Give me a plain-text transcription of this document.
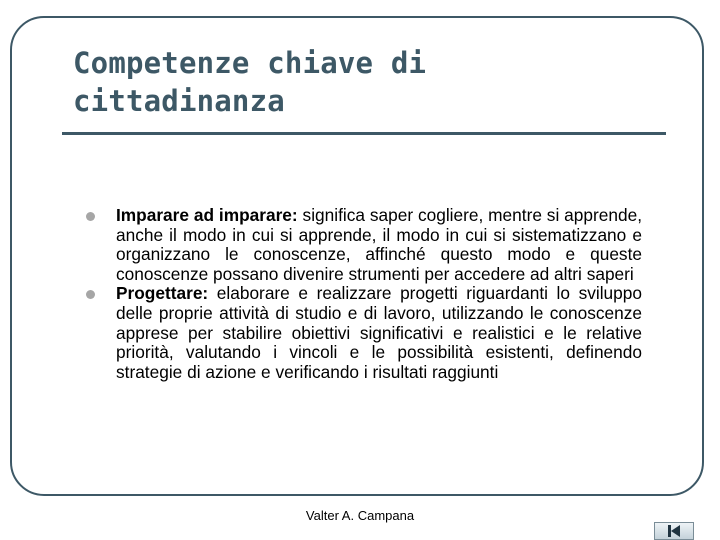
Competenze chiave di cittadinanza
Imparare ad imparare: significa saper cogliere, mentre si apprende, anche il modo in cui si apprende, il modo in cui si sistematizzano e organizzano le conoscenze, affinché questo modo e queste conoscenze possano divenire strumenti per accedere ad altri saperi
Progettare: elaborare e realizzare progetti riguardanti lo sviluppo delle proprie attività di studio e di lavoro, utilizzando le conoscenze apprese per stabilire obiettivi significativi e realistici e le relative priorità, valutando i vincoli e le possibilità esistenti, definendo strategie di azione e verificando i risultati raggiunti
Valter A. Campana
